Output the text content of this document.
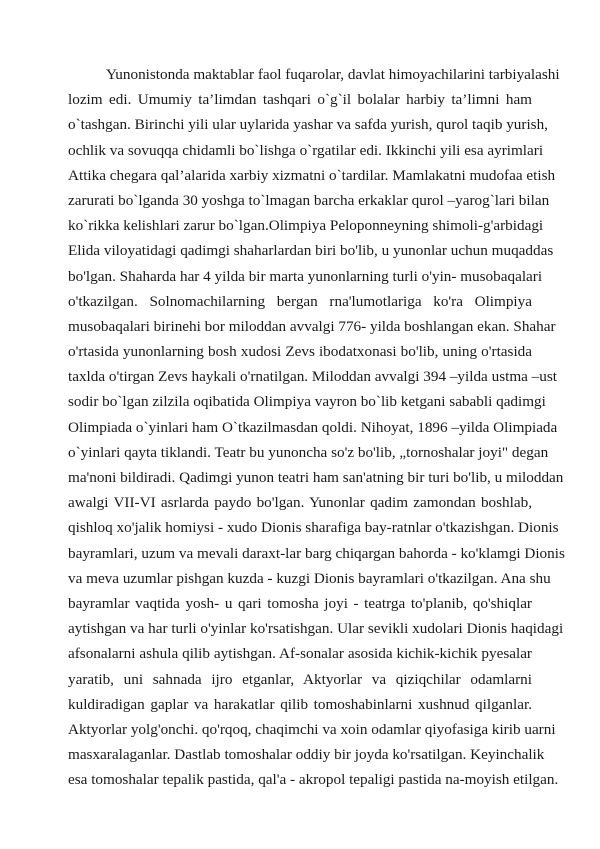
Yunonistonda maktablar faol fuqarolar, davlat himoyachilarini tarbiyalashi
lozim edi. Umumiy ta’limdan tashqari o`g`il bolalar harbiy ta’limni ham
o`tashgan. Birinchi yili ular uylarida yashar va safda yurish, qurol taqib yurish,
ochlik va sovuqqa chidamli bo`lishga o`rgatilar edi. Ikkinchi yili esa ayrimlari
Attika chegara qal’alarida xarbiy xizmatni o`tardilar. Mamlakatni mudofaa etish
zarurati bo`lganda 30 yoshga to`lmagan barcha erkaklar qurol –yarog`lari bilan
ko`rikka kelishlari zarur bo`lgan.Olimpiya Peloponneyning shimoli-g'arbidagi
Elida viloyatidagi qadimgi shaharlardan biri bo'lib, u yunonlar uchun muqaddas
bo'lgan. Shaharda har 4 yilda bir marta yunonlarning turli o'yin- musobaqalari
o'tkazilgan. Solnomachilarning bergan rna'lumotlariga ko'ra Olimpiya
musobaqalari birinehi bor miloddan avvalgi 776- yilda boshlangan ekan. Shahar
o'rtasida yunonlarning bosh xudosi Zevs ibodatxonasi bo'lib, uning o'rtasida
taxlda o'tirgan Zevs haykali o'rnatilgan. Miloddan avvalgi 394 –yilda ustma –ust
sodir bo`lgan zilzila oqibatida Olimpiya vayron bo`lib ketgani sababli qadimgi
Olimpiada o`yinlari ham O`tkazilmasdan qoldi. Nihoyat, 1896 –yilda Olimpiada
o`yinlari qayta tiklandi. Teatr bu yunoncha so'z bo'lib, „tornoshalar joyi" degan
ma'noni bildiradi. Qadimgi yunon teatri ham san'atning bir turi bo'lib, u miloddan
awalgi VII-VI asrlarda paydo bo'lgan. Yunonlar qadim zamondan boshlab,
qishloq xo'jalik homiysi - xudo Dionis sharafiga bay-ratnlar o'tkazishgan. Dionis
bayramlari, uzum va mevali daraxt-lar barg chiqargan bahorda - ko'klamgi Dionis
va meva uzumlar pishgan kuzda - kuzgi Dionis bayramlari o'tkazilgan. Ana shu
bayramlar vaqtida yosh- u qari tomosha joyi - teatrga to'planib, qo'shiqlar
aytishgan va har turli o'yinlar ko'rsatishgan. Ular sevikli xudolari Dionis haqidagi
afsonalarni ashula qilib aytishgan. Af-sonalar asosida kichik-kichik pyesalar
yaratib, uni sahnada ijro etganlar, Aktyorlar va qiziqchilar odamlarni
kuldiradigan gaplar va harakatlar qilib tomoshabinlarni xushnud qilganlar.
Aktyorlar yolg'onchi. qo'rqoq, chaqimchi va xoin odamlar qiyofasiga kirib uarni
masxaralaganlar. Dastlab tomoshalar oddiy bir joyda ko'rsatilgan. Keyinchalik
esa tomoshalar tepalik pastida, qal'a - akropol tepaligi pastida na-moyish etilgan.
